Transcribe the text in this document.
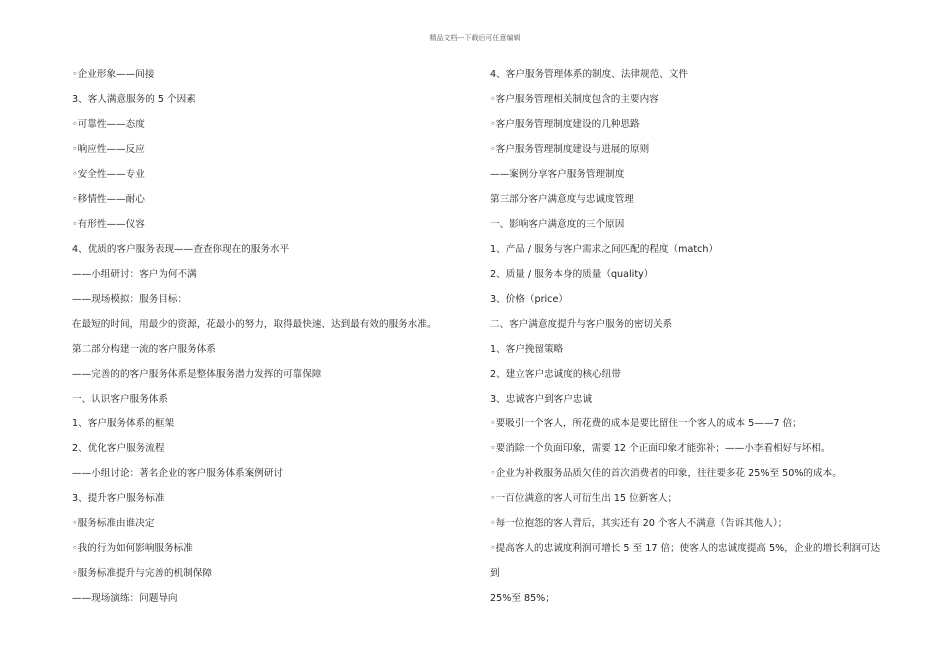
精品文档---下载后可任意编辑
◦企业形象——间接
3、客人满意服务的 5 个因素
◦可靠性——态度
◦响应性——反应
◦安全性——专业
◦移情性——耐心
◦有形性——仪容
4、优质的客户服务表现——查查你现在的服务水平
——小组研讨：客户为何不满
——现场模拟：服务目标：
在最短的时间，用最少的资源，花最小的努力，取得最快速、达到最有效的服务水准。
第二部分构建一流的客户服务体系
——完善的的客户服务体系是整体服务潜力发挥的可靠保障
一、认识客户服务体系
1、客户服务体系的框架
2、优化客户服务流程
——小组讨论：著名企业的客户服务体系案例研讨
3、提升客户服务标准
◦服务标准由谁决定
◦我的行为如何影响服务标准
◦服务标准提升与完善的机制保障
——现场演练：问题导向
4、客户服务管理体系的制度、法律规范、文件
◦客户服务管理相关制度包含的主要内容
◦客户服务管理制度建设的几种思路
◦客户服务管理制度建设与进展的原则
——案例分享客户服务管理制度
第三部分客户满意度与忠诚度管理
一、影响客户满意度的三个原因
1、产品 / 服务与客户需求之间匹配的程度（match）
2、质量 / 服务本身的质量（quality）
3、价格（price）
二、客户满意度提升与客户服务的密切关系
1、客户挽留策略
2、建立客户忠诚度的核心纽带
3、忠诚客户到客户忠诚
◦要吸引一个客人，所花费的成本是要比留住一个客人的成本 5——7 倍；
◦要消除一个负面印象，需要 12 个正面印象才能弥补；——小李看相好与坏相。
◦企业为补救服务品质欠佳的首次消费者的印象，往往要多花 25%至 50%的成本。
◦一百位满意的客人可衍生出 15 位新客人；
◦每一位抱怨的客人背后，其实还有 20 个客人不满意（告诉其他人）；
◦提高客人的忠诚度利润可增长 5 至 17 倍；使客人的忠诚度提高 5%，企业的增长利润可达
到
25%至 85%；
